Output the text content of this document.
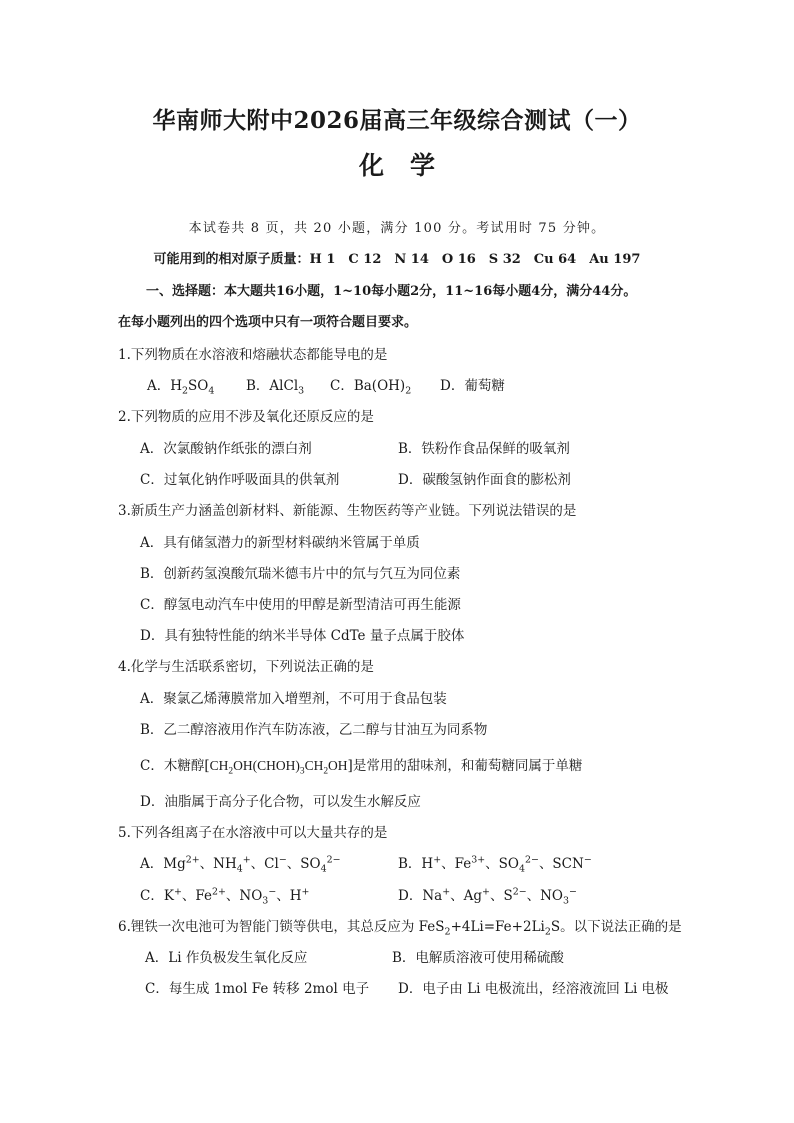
华南师大附中2026届高三年级综合测试（一）
化 学
本试卷共 8 页，共 20 小题，满分 100 分。考试用时 75 分钟。
可能用到的相对原子质量：H 1　C 12　N 14　O 16　S 32　Cu 64　Au 197
一、选择题：本大题共16小题，1~10每小题2分，11~16每小题4分，满分44分。
在每小题列出的四个选项中只有一项符合题目要求。
1.下列物质在水溶液和熔融状态都能导电的是
A．$H_2SO_4$ B．AlCl$_3$ C．$Ba(OH)_2$ D．葡萄糖
2.下列物质的应用不涉及氧化还原反应的是
A．次氯酸钠作纸张的漂白剂	B．铁粉作食品保鲜的吸氧剂
C．过氧化钠作呼吸面具的供氧剂	D．碳酸氢钠作面食的膨松剂
3.新质生产力涵盖创新材料、新能源、生物医药等产业链。下列说法错误的是
A．具有储氢潜力的新型材料碳纳米管属于单质
B．创新药氢溴酸氘瑞米德韦片中的氘与氕互为同位素
C．醇氢电动汽车中使用的甲醇是新型清洁可再生能源
D．具有独特性能的纳米半导体 CdTe 量子点属于胶体
4.化学与生活联系密切，下列说法正确的是
A．聚氯乙烯薄膜常加入增塑剂，不可用于食品包装
B．乙二醇溶液用作汽车防冻液，乙二醇与甘油互为同系物
C．木糖醇$[CH_2OH(CHOH)_3CH_2OH]$是常用的甜味剂，和葡萄糖同属于单糖
D．油脂属于高分子化合物，可以发生水解反应
5.下列各组离子在水溶液中可以大量共存的是
A．$Mg^{2+}$、$NH_4^+$、Cl−、$SO_4^{2-}$	B．H+、$Fe^{3+}$、$SO_4^{2-}$、SCN−
C．K+、$Fe^{2+}$、$NO_3^-$、H+	D．Na+、Ag+、$S^{2-}$、$NO_3^-$
6.锂铁一次电池可为智能门锁等供电，其总反应为 $FeS_2+4Li=Fe+2Li_2S$。以下说法正确的是
A．Li 作负极发生氧化反应	B．电解质溶液可使用稀硫酸
C．每生成 1mol Fe 转移 2mol 电子 D．电子由 Li 电极流出，经溶液流回 Li 电极
